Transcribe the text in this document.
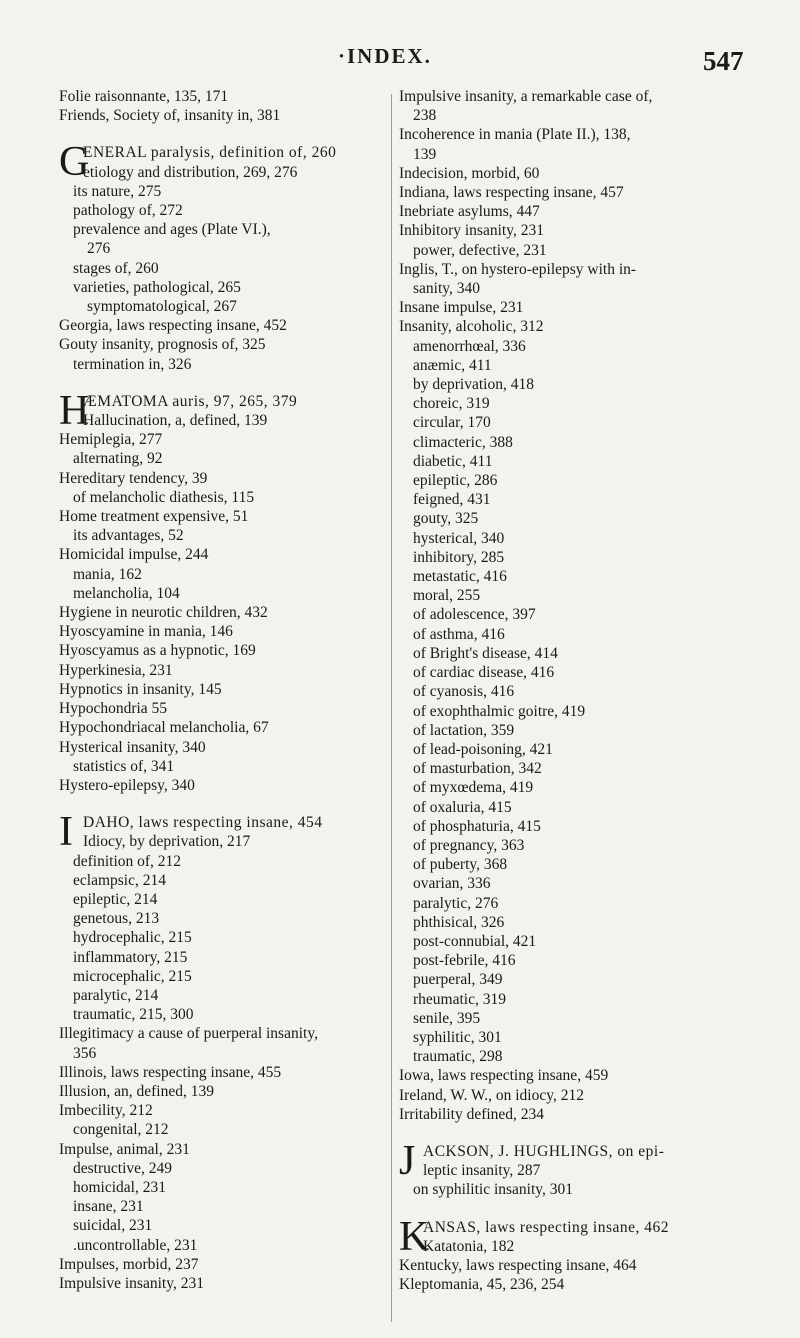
·INDEX.	547

Folie raisonnante, 135, 171

Friends, Society of, insanity in, 381

G

ENERAL paralysis, definition of, 260

etiology and distribution, 269, 276

its nature, 275

pathology of, 272

prevalence and ages (Plate VI.),

276

stages of, 260

varieties, pathological, 265

symptomatological, 267

Georgia, laws respecting insane, 452

Gouty insanity, prognosis of, 325

termination in, 326

H

ÆMATOMA auris, 97, 265, 379

Hallucination, a, defined, 139

Hemiplegia, 277

alternating, 92

Hereditary tendency, 39

of melancholic diathesis, 115

Home treatment expensive, 51

its advantages, 52

Homicidal impulse, 244

mania, 162

melancholia, 104

Hygiene in neurotic children, 432

Hyoscyamine in mania, 146

Hyoscyamus as a hypnotic, 169

Hyperkinesia, 231

Hypnotics in insanity, 145

Hypochondria 55

Hypochondriacal melancholia, 67

Hysterical insanity, 340

statistics of, 341

Hystero-epilepsy, 340

I DAHO, laws respecting insane, 454

Idiocy, by deprivation, 217

definition of, 212

eclampsic, 214

epileptic, 214

genetous, 213

hydrocephalic, 215

inflammatory, 215

microcephalic, 215

paralytic, 214

traumatic, 215, 300

Illegitimacy a cause of puerperal insanity,

356

Illinois, laws respecting insane, 455

Illusion, an, defined, 139

Imbecility, 212

congenital, 212

Impulse, animal, 231

destructive, 249

homicidal, 231

insane, 231

suicidal, 231

.uncontrollable, 231

Impulses, morbid, 237

Impulsive insanity, 231

Impulsive insanity, a remarkable case of,

238

Incoherence in mania (Plate II.), 138,

139

Indecision, morbid, 60

Indiana, laws respecting insane, 457

Inebriate asylums, 447

Inhibitory insanity, 231

power, defective, 231

Inglis, T., on hystero-epilepsy with in-

sanity, 340

Insane impulse, 231

Insanity, alcoholic, 312

amenorrhœal, 336

anæmic, 411

by deprivation, 418

choreic, 319

circular, 170

climacteric, 388

diabetic, 411

epileptic, 286

feigned, 431

gouty, 325

hysterical, 340

inhibitory, 285

metastatic, 416

moral, 255

of adolescence, 397

of asthma, 416

of Bright's disease, 414

of cardiac disease, 416

of cyanosis, 416

of exophthalmic goitre, 419

of lactation, 359

of lead-poisoning, 421

of masturbation, 342

of myxœdema, 419

of oxaluria, 415

of phosphaturia, 415

of pregnancy, 363

of puberty, 368

ovarian, 336

paralytic, 276

phthisical, 326

post-connubial, 421

post-febrile, 416

puerperal, 349

rheumatic, 319

senile, 395

syphilitic, 301

traumatic, 298

Iowa, laws respecting insane, 459

Ireland, W. W., on idiocy, 212

Irritability defined, 234

J ACKSON, J. HUGHLINGS, on epi-

leptic insanity, 287

on syphilitic insanity, 301

K

ANSAS, laws respecting insane, 462

Katatonia, 182

Kentucky, laws respecting insane, 464

Kleptomania, 45, 236, 254
